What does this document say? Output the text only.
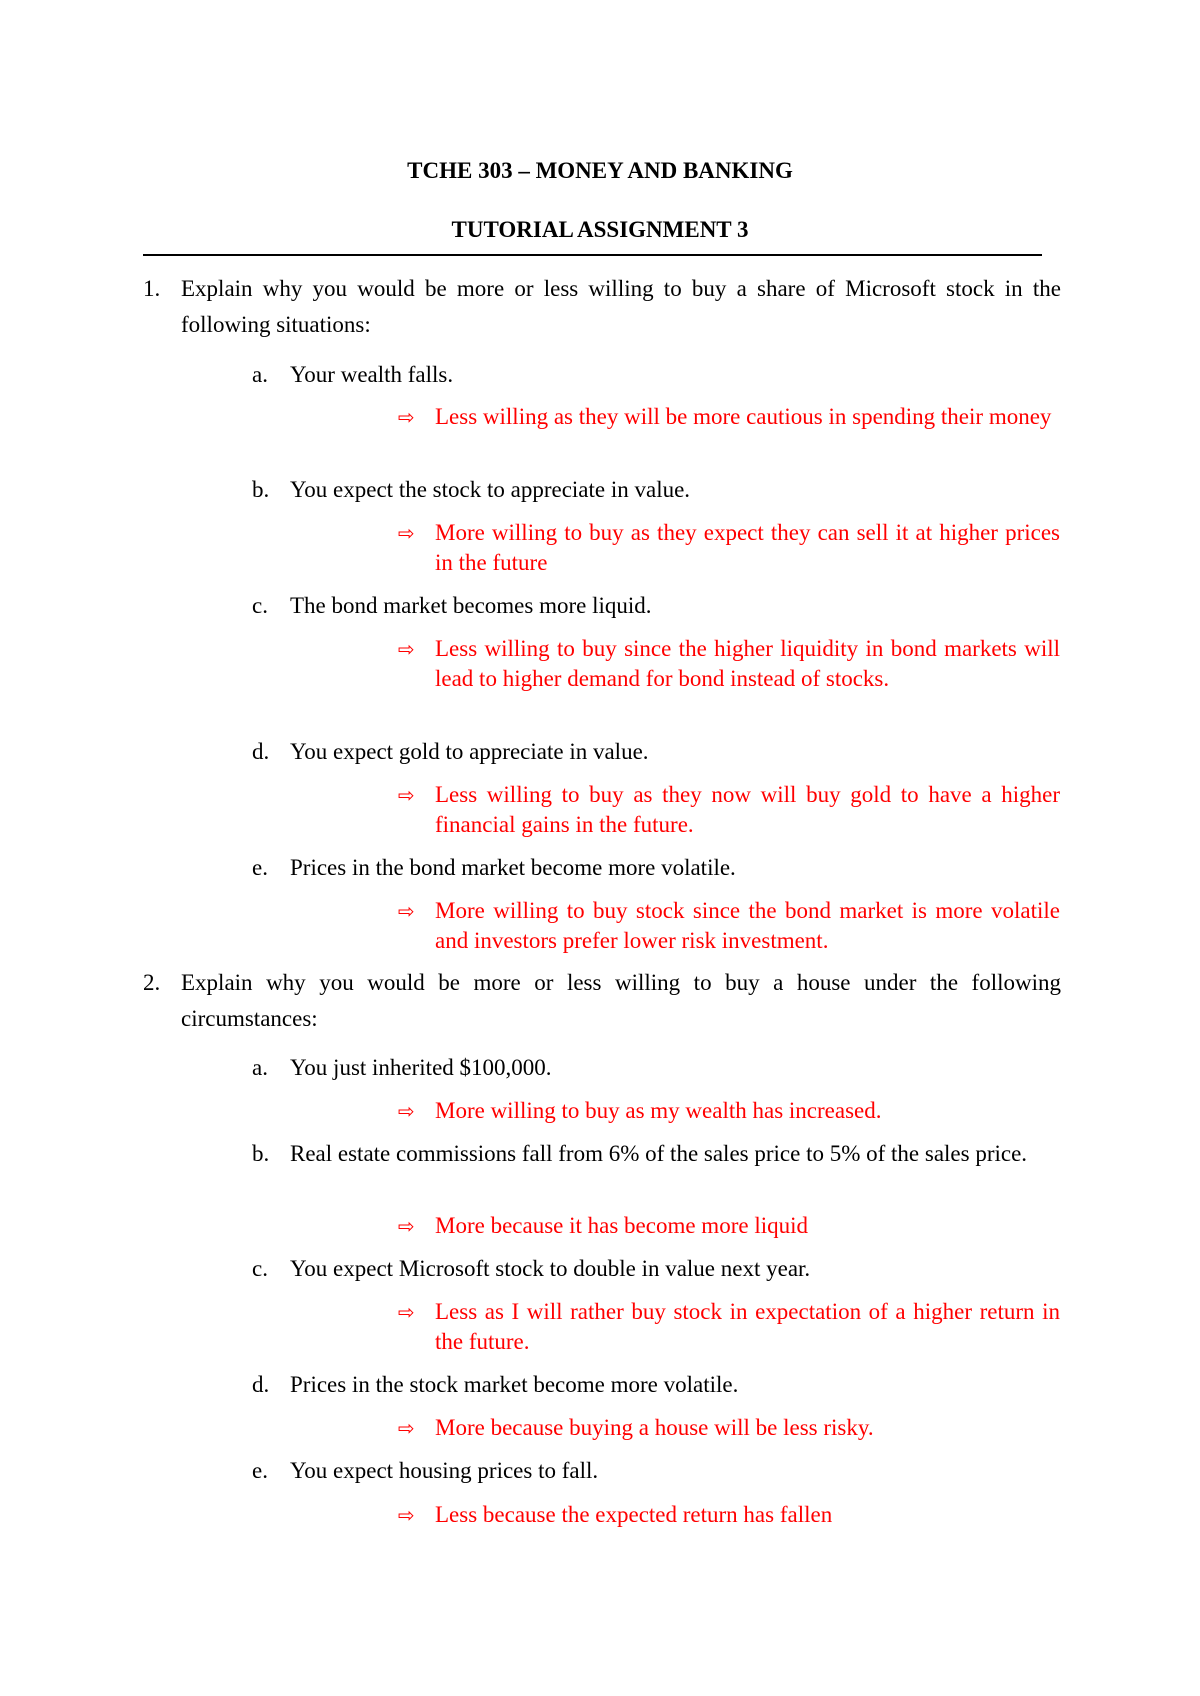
TCHE 303 – MONEY AND BANKING
TUTORIAL ASSIGNMENT 3
1. Explain why you would be more or less willing to buy a share of Microsoft stock in the following situations:
a. Your wealth falls.
⇨ Less willing as they will be more cautious in spending their money
b. You expect the stock to appreciate in value.
⇨ More willing to buy as they expect they can sell it at higher prices in the future
c. The bond market becomes more liquid.
⇨ Less willing to buy since the higher liquidity in bond markets will lead to higher demand for bond instead of stocks.
d. You expect gold to appreciate in value.
⇨ Less willing to buy as they now will buy gold to have a higher financial gains in the future.
e. Prices in the bond market become more volatile.
⇨ More willing to buy stock since the bond market is more volatile and investors prefer lower risk investment.
2. Explain why you would be more or less willing to buy a house under the following circumstances:
a. You just inherited $100,000.
⇨ More willing to buy as my wealth has increased.
b. Real estate commissions fall from 6% of the sales price to 5% of the sales price.
⇨ More because it has become more liquid
c. You expect Microsoft stock to double in value next year.
⇨ Less as I will rather buy stock in expectation of a higher return in the future.
d. Prices in the stock market become more volatile.
⇨ More because buying a house will be less risky.
e. You expect housing prices to fall.
⇨ Less because the expected return has fallen
